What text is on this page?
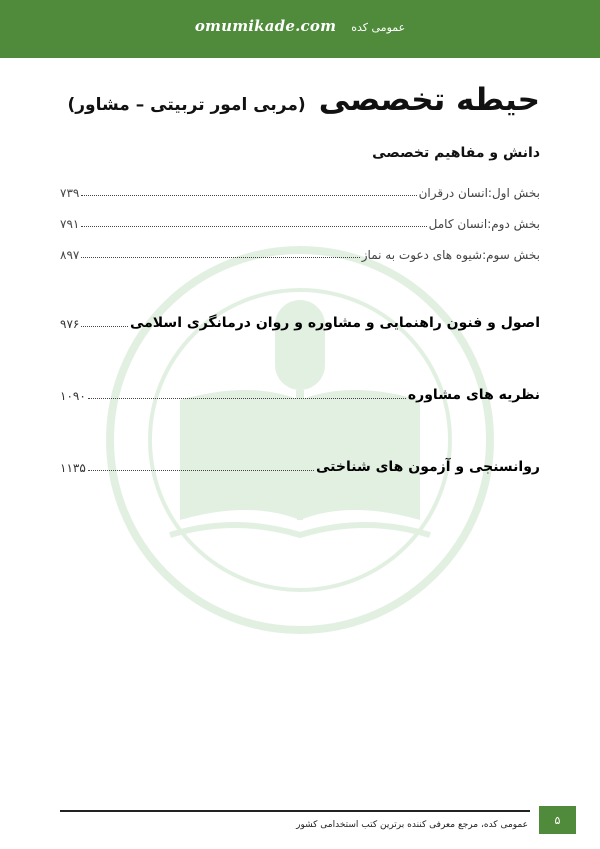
omumikade.com عمومی کده
حیطه تخصصی (مربی امور تربیتی – مشاور)
دانش و مفاهیم تخصصی
بخش اول:انسان درقران
۷۳۹
بخش دوم:انسان کامل
۷۹۱
بخش سوم:شیوه های دعوت به نماز
۸۹۷
اصول و فنون راهنمایی و مشاوره و روان درمانگری اسلامی
۹۷۶
نظریه های مشاوره
۱۰۹۰
روانسنجی و آزمون های شناختی
۱۱۳۵
۵
عمومی کده، مرجع معرفی کننده برترین کتب استخدامی کشور
